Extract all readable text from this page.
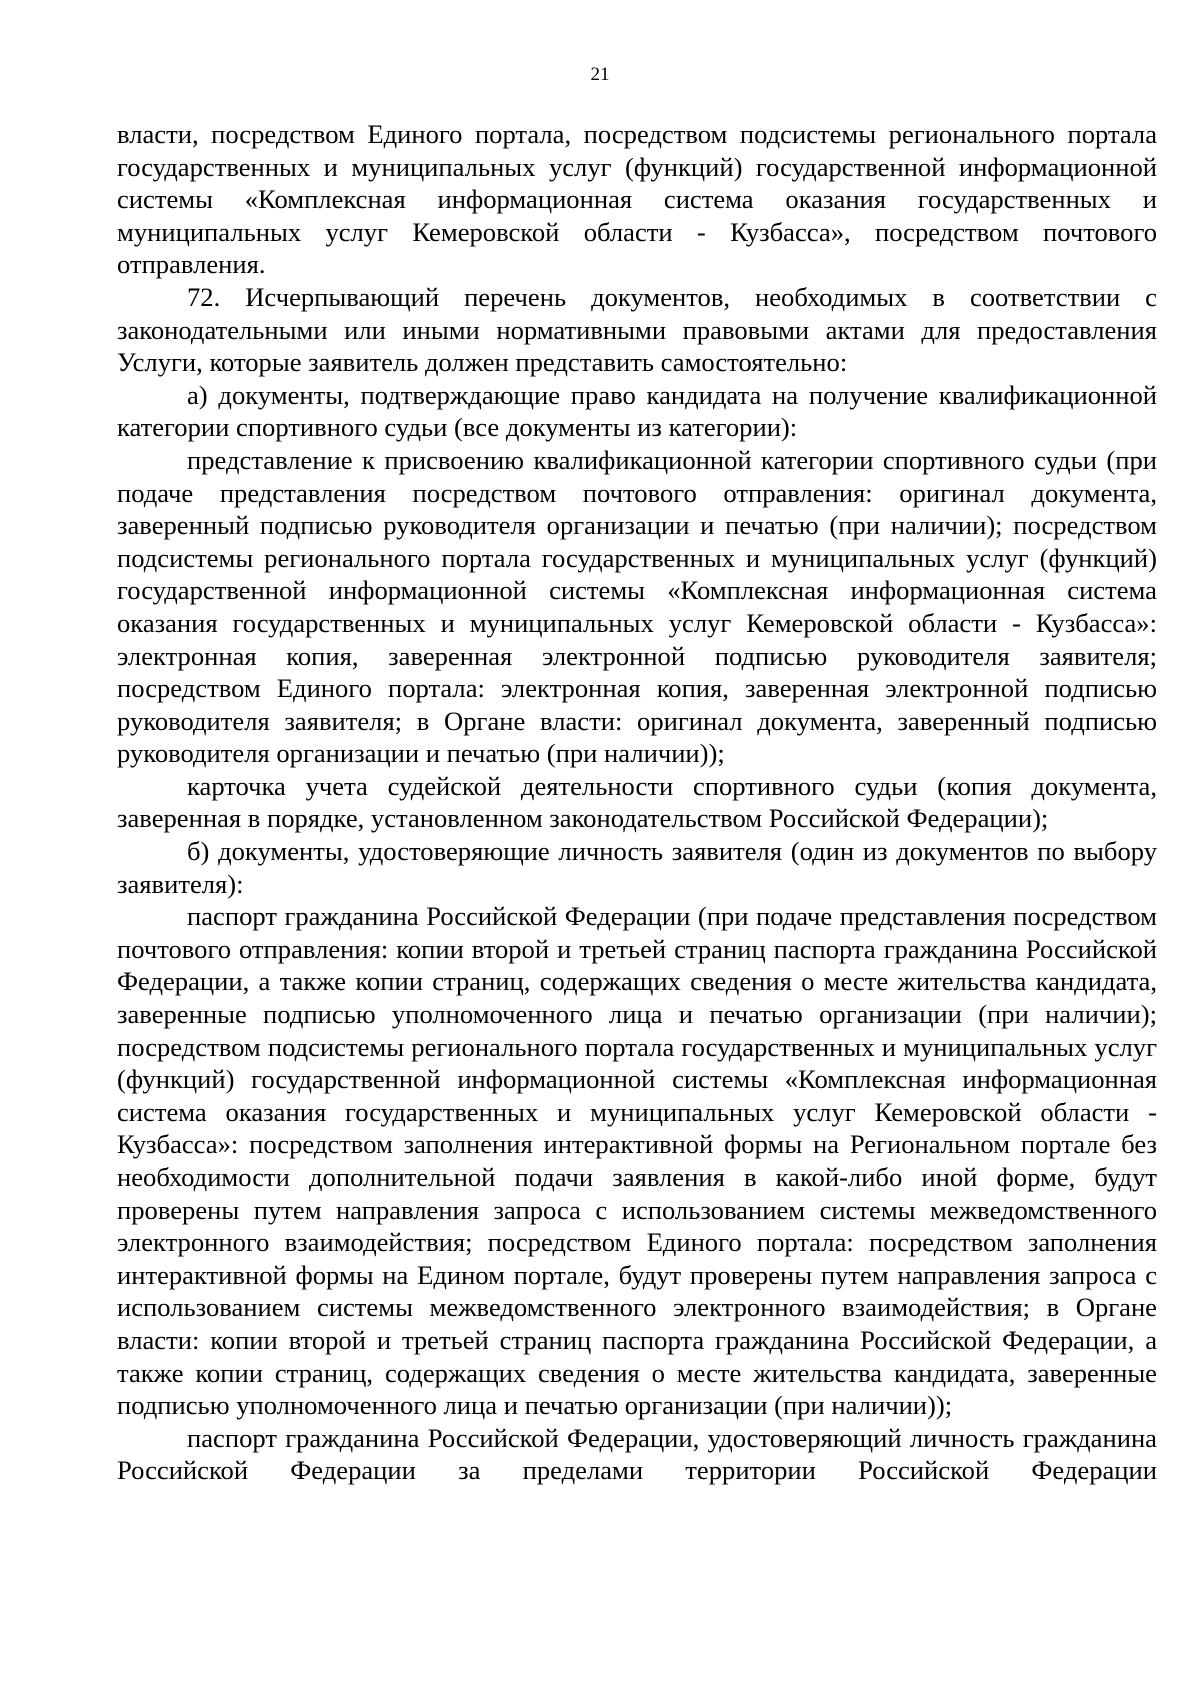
21

власти, посредством Единого портала, посредством подсистемы регионального портала государственных и муниципальных услуг (функций) государственной информационной системы «Комплексная информационная система оказания государственных и муниципальных услуг Кемеровской области - Кузбасса», посредством почтового отправления.

72. Исчерпывающий перечень документов, необходимых в соответствии с законодательными или иными нормативными правовыми актами для предоставления Услуги, которые заявитель должен представить самостоятельно:

а) документы, подтверждающие право кандидата на получение квалификационной категории спортивного судьи (все документы из категории):

представление к присвоению квалификационной категории спортивного судьи (при подаче представления посредством почтового отправления: оригинал документа, заверенный подписью руководителя организации и печатью (при наличии); посредством подсистемы регионального портала государственных и муниципальных услуг (функций) государственной информационной системы «Комплексная информационная система оказания государственных и муниципальных услуг Кемеровской области - Кузбасса»: электронная копия, заверенная электронной подписью руководителя заявителя; посредством Единого портала: электронная копия, заверенная электронной подписью руководителя заявителя; в Органе власти: оригинал документа, заверенный подписью руководителя организации и печатью (при наличии));

карточка учета судейской деятельности спортивного судьи (копия документа, заверенная в порядке, установленном законодательством Российской Федерации);

б) документы, удостоверяющие личность заявителя (один из документов по выбору заявителя):

паспорт гражданина Российской Федерации (при подаче представления посредством почтового отправления: копии второй и третьей страниц паспорта гражданина Российской Федерации, а также копии страниц, содержащих сведения о месте жительства кандидата, заверенные подписью уполномоченного лица и печатью организации (при наличии); посредством подсистемы регионального портала государственных и муниципальных услуг (функций) государственной информационной системы «Комплексная информационная система оказания государственных и муниципальных услуг Кемеровской области - Кузбасса»: посредством заполнения интерактивной формы на Региональном портале без необходимости дополнительной подачи заявления в какой-либо иной форме, будут проверены путем направления запроса с использованием системы межведомственного электронного взаимодействия; посредством Единого портала: посредством заполнения интерактивной формы на Едином портале, будут проверены путем направления запроса с использованием системы межведомственного электронного взаимодействия; в Органе власти: копии второй и третьей страниц паспорта гражданина Российской Федерации, а также копии страниц, содержащих сведения о месте жительства кандидата, заверенные подписью уполномоченного лица и печатью организации (при наличии));

паспорт гражданина Российской Федерации, удостоверяющий личность гражданина Российской Федерации за пределами территории Российской Федерации
